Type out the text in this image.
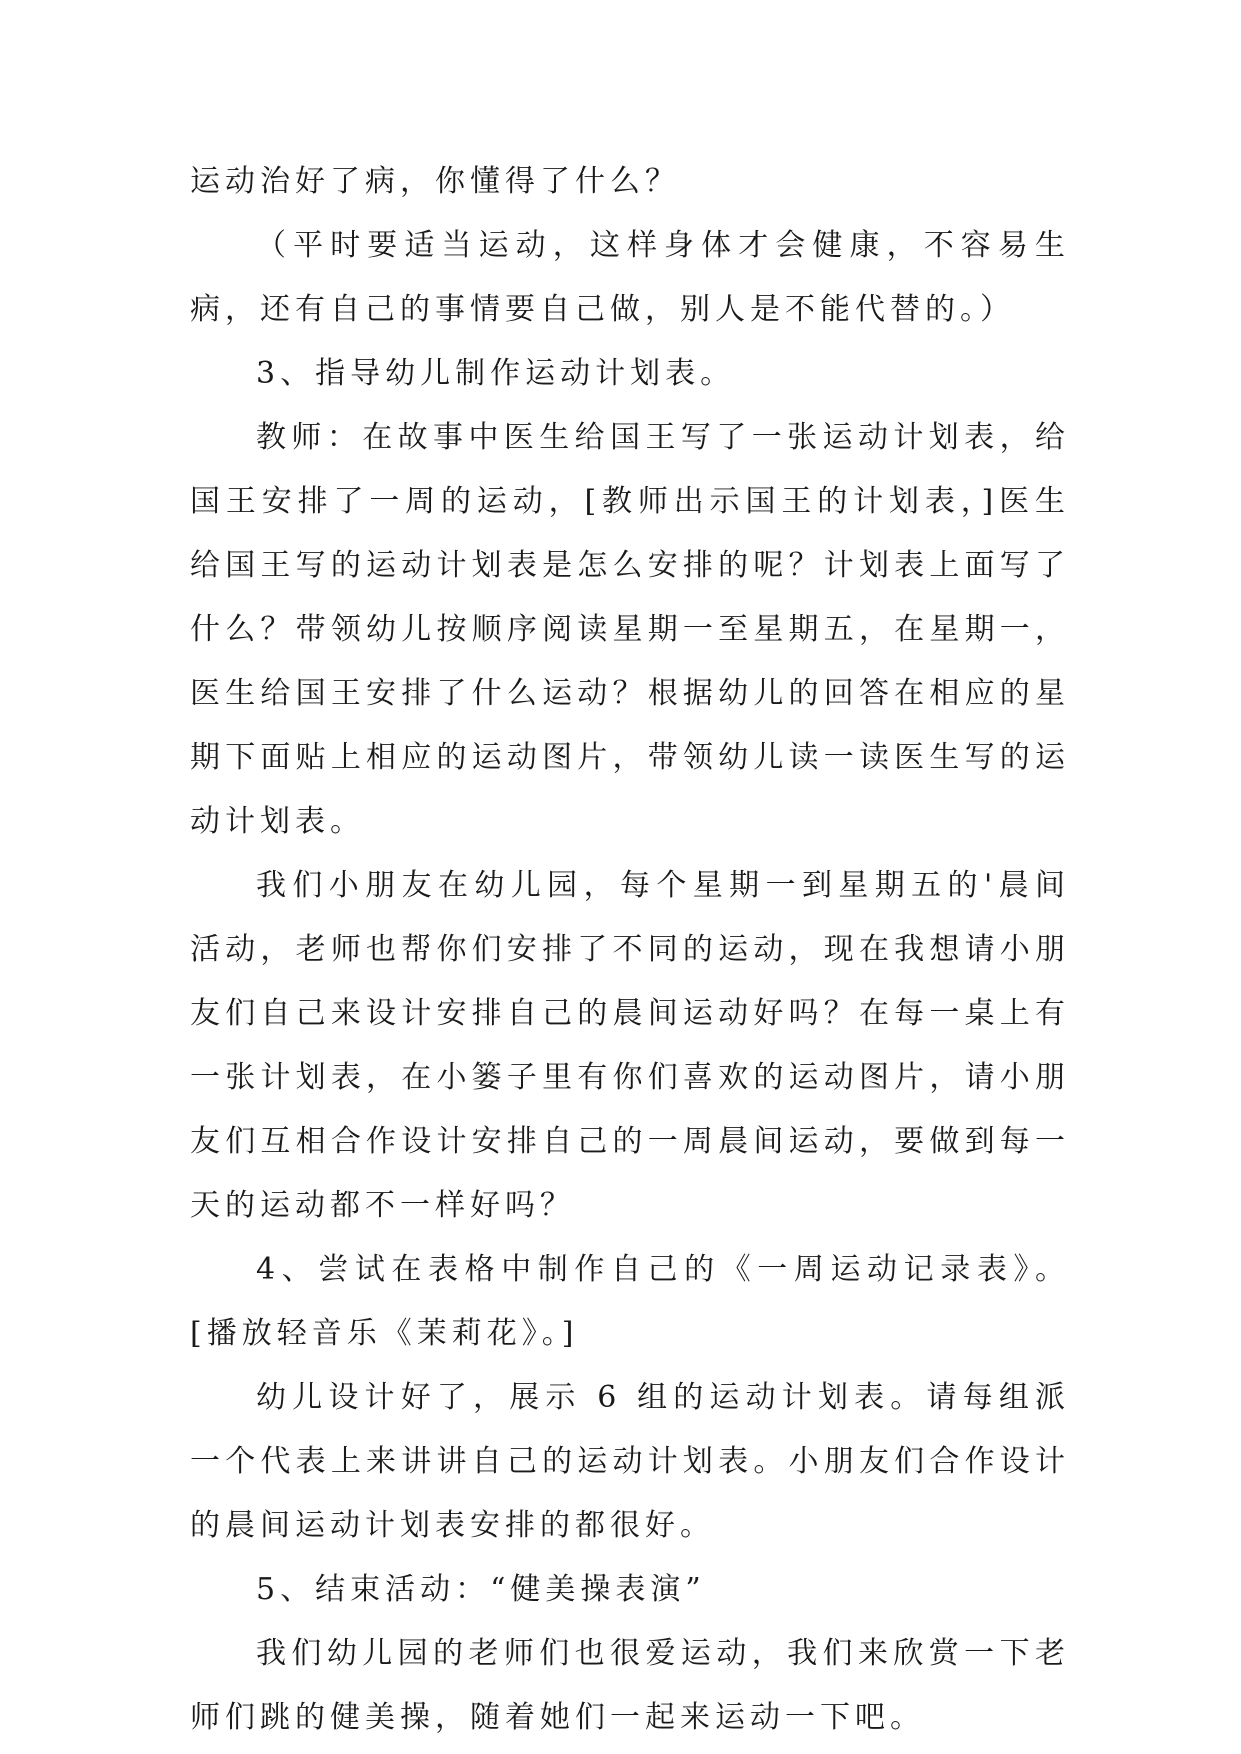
运动治好了病，你懂得了什么？

（平时要适当运动，这样身体才会健康，不容易生病，还有自己的事情要自己做，别人是不能代替的。）

3、指导幼儿制作运动计划表。

教师：在故事中医生给国王写了一张运动计划表，给国王安排了一周的运动，[教师出示国王的计划表，]医生给国王写的运动计划表是怎么安排的呢？计划表上面写了什么？带领幼儿按顺序阅读星期一至星期五，在星期一，医生给国王安排了什么运动？根据幼儿的回答在相应的星期下面贴上相应的运动图片，带领幼儿读一读医生写的运动计划表。

我们小朋友在幼儿园，每个星期一到星期五的'晨间活动，老师也帮你们安排了不同的运动，现在我想请小朋友们自己来设计安排自己的晨间运动好吗？在每一桌上有一张计划表，在小篓子里有你们喜欢的运动图片，请小朋友们互相合作设计安排自己的一周晨间运动，要做到每一天的运动都不一样好吗？

4、尝试在表格中制作自己的《一周运动记录表》。[播放轻音乐《茉莉花》。]

幼儿设计好了，展示 6 组的运动计划表。请每组派一个代表上来讲讲自己的运动计划表。小朋友们合作设计的晨间运动计划表安排的都很好。

5、结束活动：“健美操表演”

我们幼儿园的老师们也很爱运动，我们来欣赏一下老师们跳的健美操，随着她们一起来运动一下吧。
